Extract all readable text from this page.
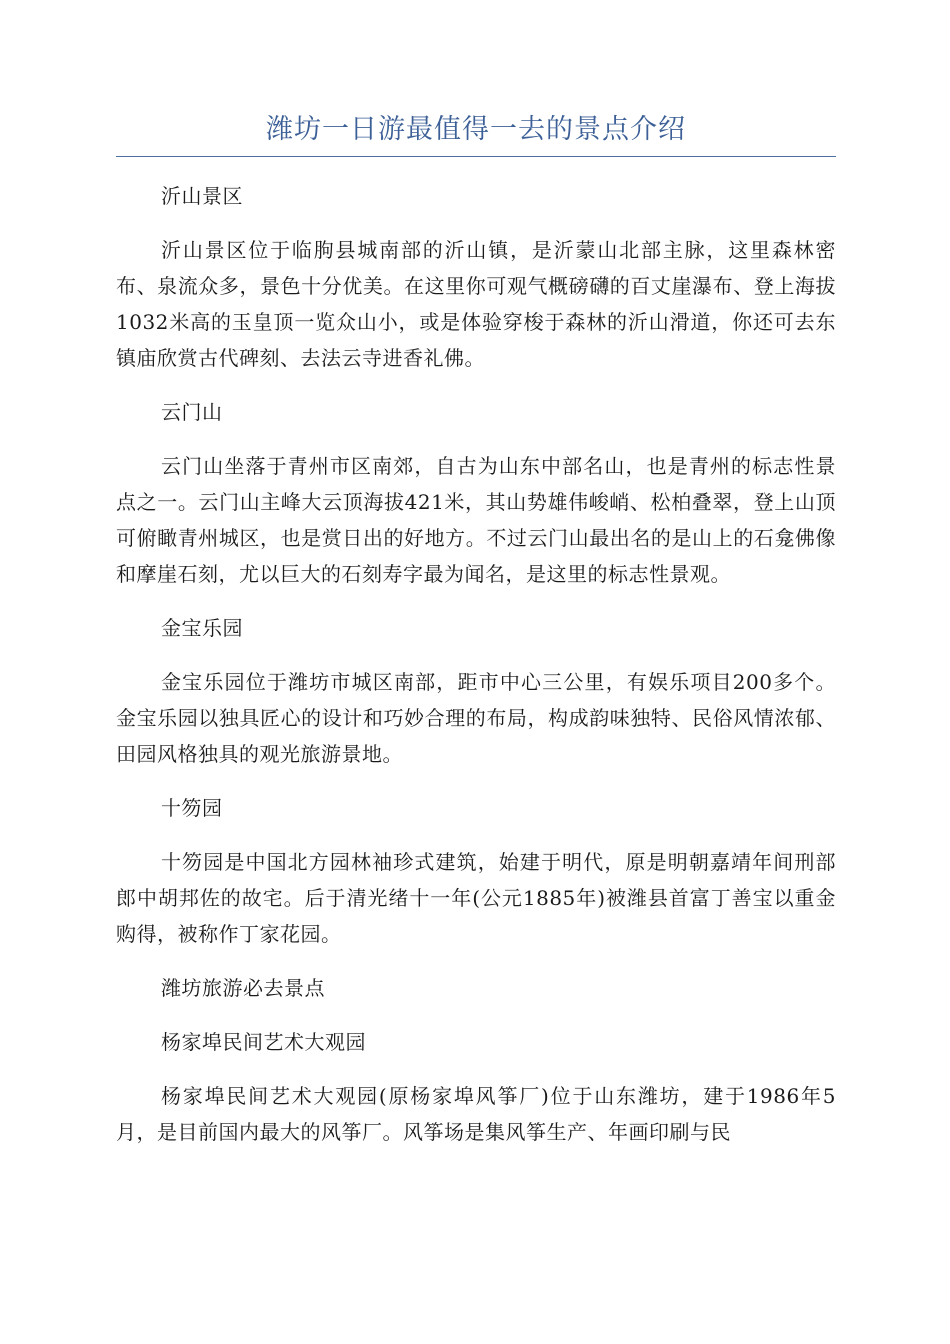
潍坊一日游最值得一去的景点介绍

沂山景区

沂山景区位于临朐县城南部的沂山镇，是沂蒙山北部主脉，这里森林密布、泉流众多，景色十分优美。在这里你可观气概磅礴的百丈崖瀑布、登上海拔1032米高的玉皇顶一览众山小，或是体验穿梭于森林的沂山滑道，你还可去东镇庙欣赏古代碑刻、去法云寺进香礼佛。

云门山

云门山坐落于青州市区南郊，自古为山东中部名山，也是青州的标志性景点之一。云门山主峰大云顶海拔421米，其山势雄伟峻峭、松柏叠翠，登上山顶可俯瞰青州城区，也是赏日出的好地方。不过云门山最出名的是山上的石龛佛像和摩崖石刻，尤以巨大的石刻寿字最为闻名，是这里的标志性景观。

金宝乐园

金宝乐园位于潍坊市城区南部，距市中心三公里，有娱乐项目200多个。金宝乐园以独具匠心的设计和巧妙合理的布局，构成韵味独特、民俗风情浓郁、田园风格独具的观光旅游景地。

十笏园

十笏园是中国北方园林袖珍式建筑，始建于明代，原是明朝嘉靖年间刑部郎中胡邦佐的故宅。后于清光绪十一年(公元1885年)被潍县首富丁善宝以重金购得，被称作丁家花园。

潍坊旅游必去景点

杨家埠民间艺术大观园

杨家埠民间艺术大观园(原杨家埠风筝厂)位于山东潍坊，建于1986年5月，是目前国内最大的风筝厂。风筝场是集风筝生产、年画印刷与民
